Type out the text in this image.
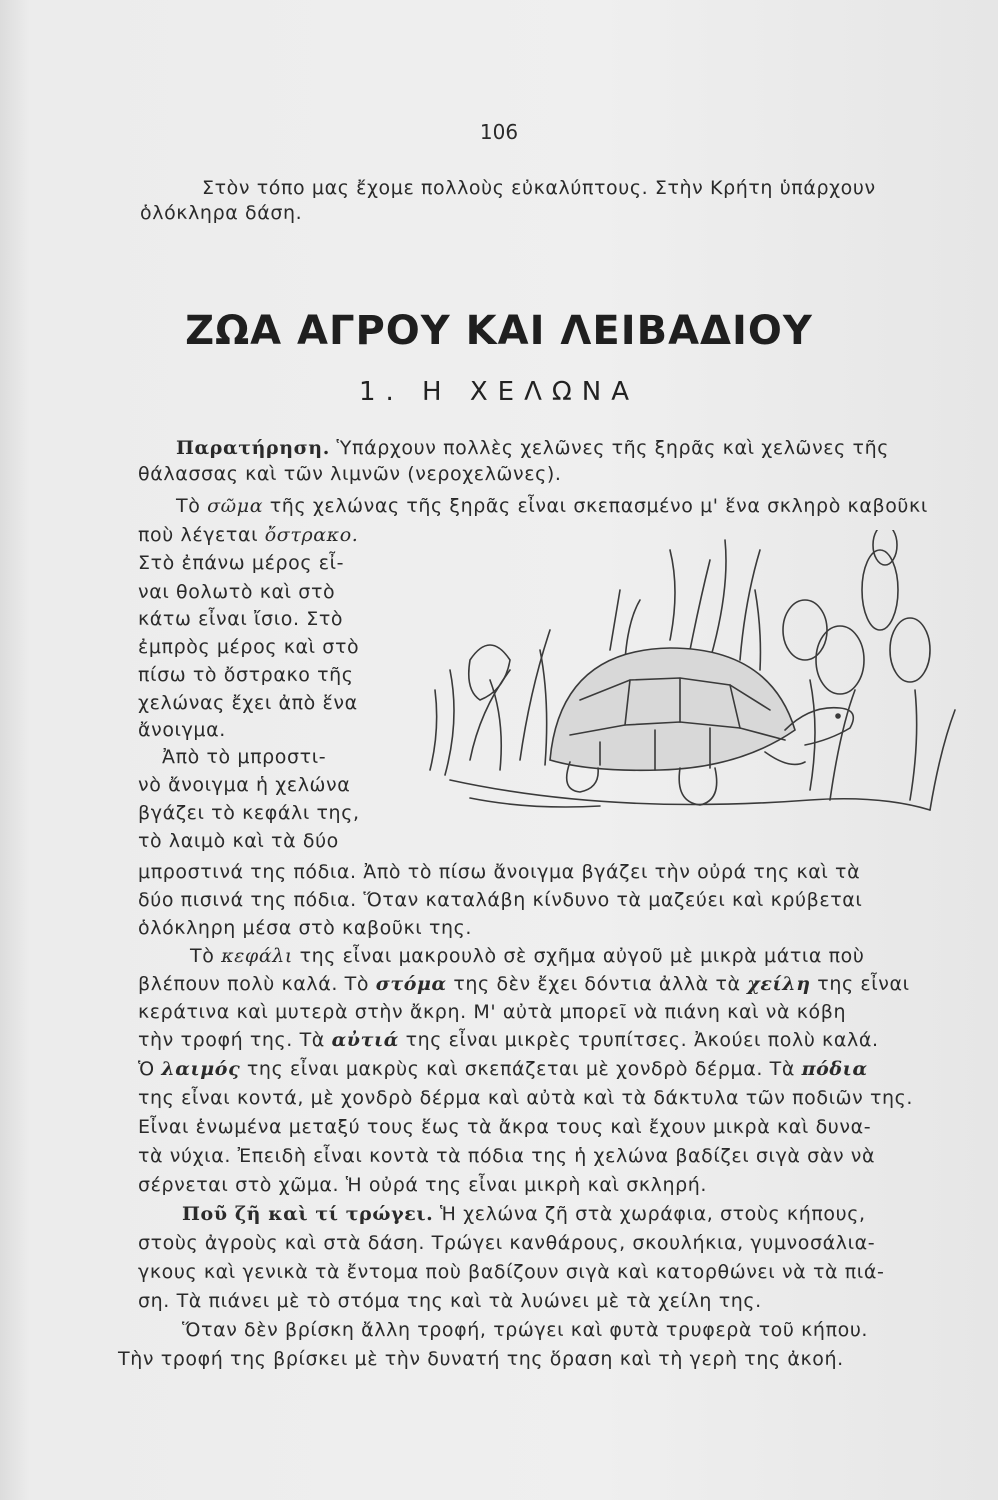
106
Στὸν τόπο μας ἔχομε πολλοὺς εὐκαλύπτους. Στὴν Κρήτη ὑπάρχουν
ὁλόκληρα δάση.
ΖΩΑ ΑΓΡΟΥ ΚΑΙ ΛΕΙΒΑΔΙΟΥ
1. Η ΧΕΛΩΝΑ
Παρατήρηση. Ὑπάρχουν πολλὲς χελῶνες τῆς ξηρᾶς καὶ χελῶνες τῆς
θάλασσας καὶ τῶν λιμνῶν (νεροχελῶνες).
Τὸ σῶμα τῆς χελώνας τῆς ξηρᾶς εἶναι σκεπασμένο μ' ἕνα σκληρὸ καβοῦκι
ποὺ λέγεται ὄστρακο.
Στὸ ἐπάνω μέρος εἶ-
ναι θολωτὸ καὶ στὸ
κάτω εἶναι ἴσιο. Στὸ
ἐμπρὸς μέρος καὶ στὸ
πίσω τὸ ὄστρακο τῆς
χελώνας ἔχει ἀπὸ ἕνα
ἄνοιγμα.
Ἀπὸ τὸ μπροστι-
νὸ ἄνοιγμα ἡ χελώνα
βγάζει τὸ κεφάλι της,
τὸ λαιμὸ καὶ τὰ δύο
μπροστινά της πόδια. Ἀπὸ τὸ πίσω ἄνοιγμα βγάζει τὴν οὐρά της καὶ τὰ
δύο πισινά της πόδια. Ὅταν καταλάβη κίνδυνο τὰ μαζεύει καὶ κρύβεται
ὁλόκληρη μέσα στὸ καβοῦκι της.
Τὸ κεφάλι της εἶναι μακρουλὸ σὲ σχῆμα αὐγοῦ μὲ μικρὰ μάτια ποὺ
βλέπουν πολὺ καλά. Τὸ στόμα της δὲν ἔχει δόντια ἀλλὰ τὰ χείλη της εἶναι
κεράτινα καὶ μυτερὰ στὴν ἄκρη. Μ' αὐτὰ μπορεῖ νὰ πιάνη καὶ νὰ κόβη
τὴν τροφή της. Τὰ αὐτιά της εἶναι μικρὲς τρυπίτσες. Ἀκούει πολὺ καλά.
Ὁ λαιμός της εἶναι μακρὺς καὶ σκεπάζεται μὲ χονδρὸ δέρμα. Τὰ πόδια
της εἶναι κοντά, μὲ χονδρὸ δέρμα καὶ αὐτὰ καὶ τὰ δάκτυλα τῶν ποδιῶν της.
Εἶναι ἑνωμένα μεταξύ τους ἕως τὰ ἄκρα τους καὶ ἔχουν μικρὰ καὶ δυνα-
τὰ νύχια. Ἐπειδὴ εἶναι κοντὰ τὰ πόδια της ἡ χελώνα βαδίζει σιγὰ σὰν νὰ
σέρνεται στὸ χῶμα. Ἡ οὐρά της εἶναι μικρὴ καὶ σκληρή.
Ποῦ ζῆ καὶ τί τρώγει. Ἡ χελώνα ζῆ στὰ χωράφια, στοὺς κήπους,
στοὺς ἀγροὺς καὶ στὰ δάση. Τρώγει κανθάρους, σκουλήκια, γυμνοσάλια-
γκους καὶ γενικὰ τὰ ἔντομα ποὺ βαδίζουν σιγὰ καὶ κατορθώνει νὰ τὰ πιά-
ση. Τὰ πιάνει μὲ τὸ στόμα της καὶ τὰ λυώνει μὲ τὰ χείλη της.
Ὅταν δὲν βρίσκη ἄλλη τροφή, τρώγει καὶ φυτὰ τρυφερὰ τοῦ κήπου.
Τὴν τροφή της βρίσκει μὲ τὴν δυνατή της ὅραση καὶ τὴ γερὴ της ἀκοή.
